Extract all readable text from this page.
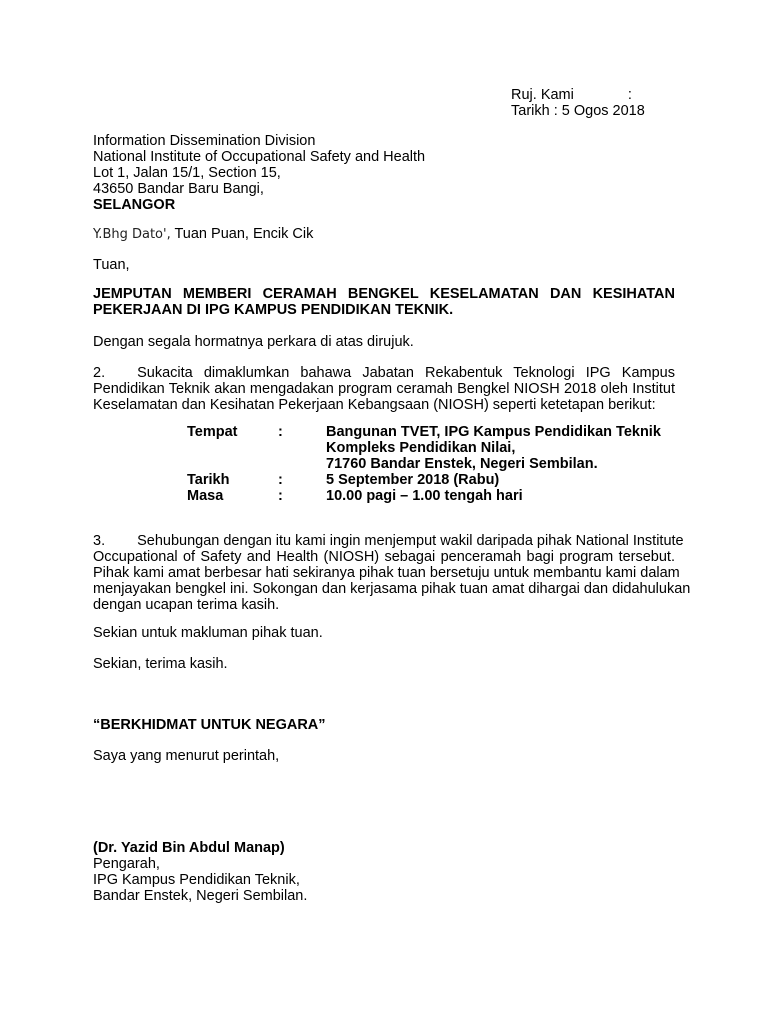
Ruj. Kami	:
Tarikh : 5 Ogos 2018
Information Dissemination Division
National Institute of Occupational Safety and Health
Lot 1, Jalan 15/1, Section 15,
43650 Bandar Baru Bangi,
SELANGOR
Y.Bhg Dato', Tuan Puan, Encik Cik
Tuan,
JEMPUTAN MEMBERI CERAMAH BENGKEL KESELAMATAN DAN KESIHATAN
PEKERJAAN DI IPG KAMPUS PENDIDIKAN TEKNIK.
Dengan segala hormatnya perkara di atas dirujuk.
2. Sukacita dimaklumkan bahawa Jabatan Rekabentuk Teknologi IPG Kampus
Pendidikan Teknik akan mengadakan program ceramah Bengkel NIOSH 2018 oleh Institut
Keselamatan dan Kesihatan Pekerjaan Kebangsaan (NIOSH) seperti ketetapan berikut:
Tempat	:	Bangunan TVET, IPG Kampus Pendidikan Teknik
Kompleks Pendidikan Nilai,
71760 Bandar Enstek, Negeri Sembilan.
Tarikh	:	5 September 2018 (Rabu)
Masa	:	10.00 pagi – 1.00 tengah hari
3. Sehubungan dengan itu kami ingin menjemput wakil daripada pihak National Institute
Occupational of Safety and Health (NIOSH) sebagai penceramah bagi program tersebut.
Pihak kami amat berbesar hati sekiranya pihak tuan bersetuju untuk membantu kami dalam
menjayakan bengkel ini. Sokongan dan kerjasama pihak tuan amat dihargai dan didahulukan
dengan ucapan terima kasih.
Sekian untuk makluman pihak tuan.
Sekian, terima kasih.
“BERKHIDMAT UNTUK NEGARA”
Saya yang menurut perintah,
(Dr. Yazid Bin Abdul Manap)
Pengarah,
IPG Kampus Pendidikan Teknik,
Bandar Enstek, Negeri Sembilan.
